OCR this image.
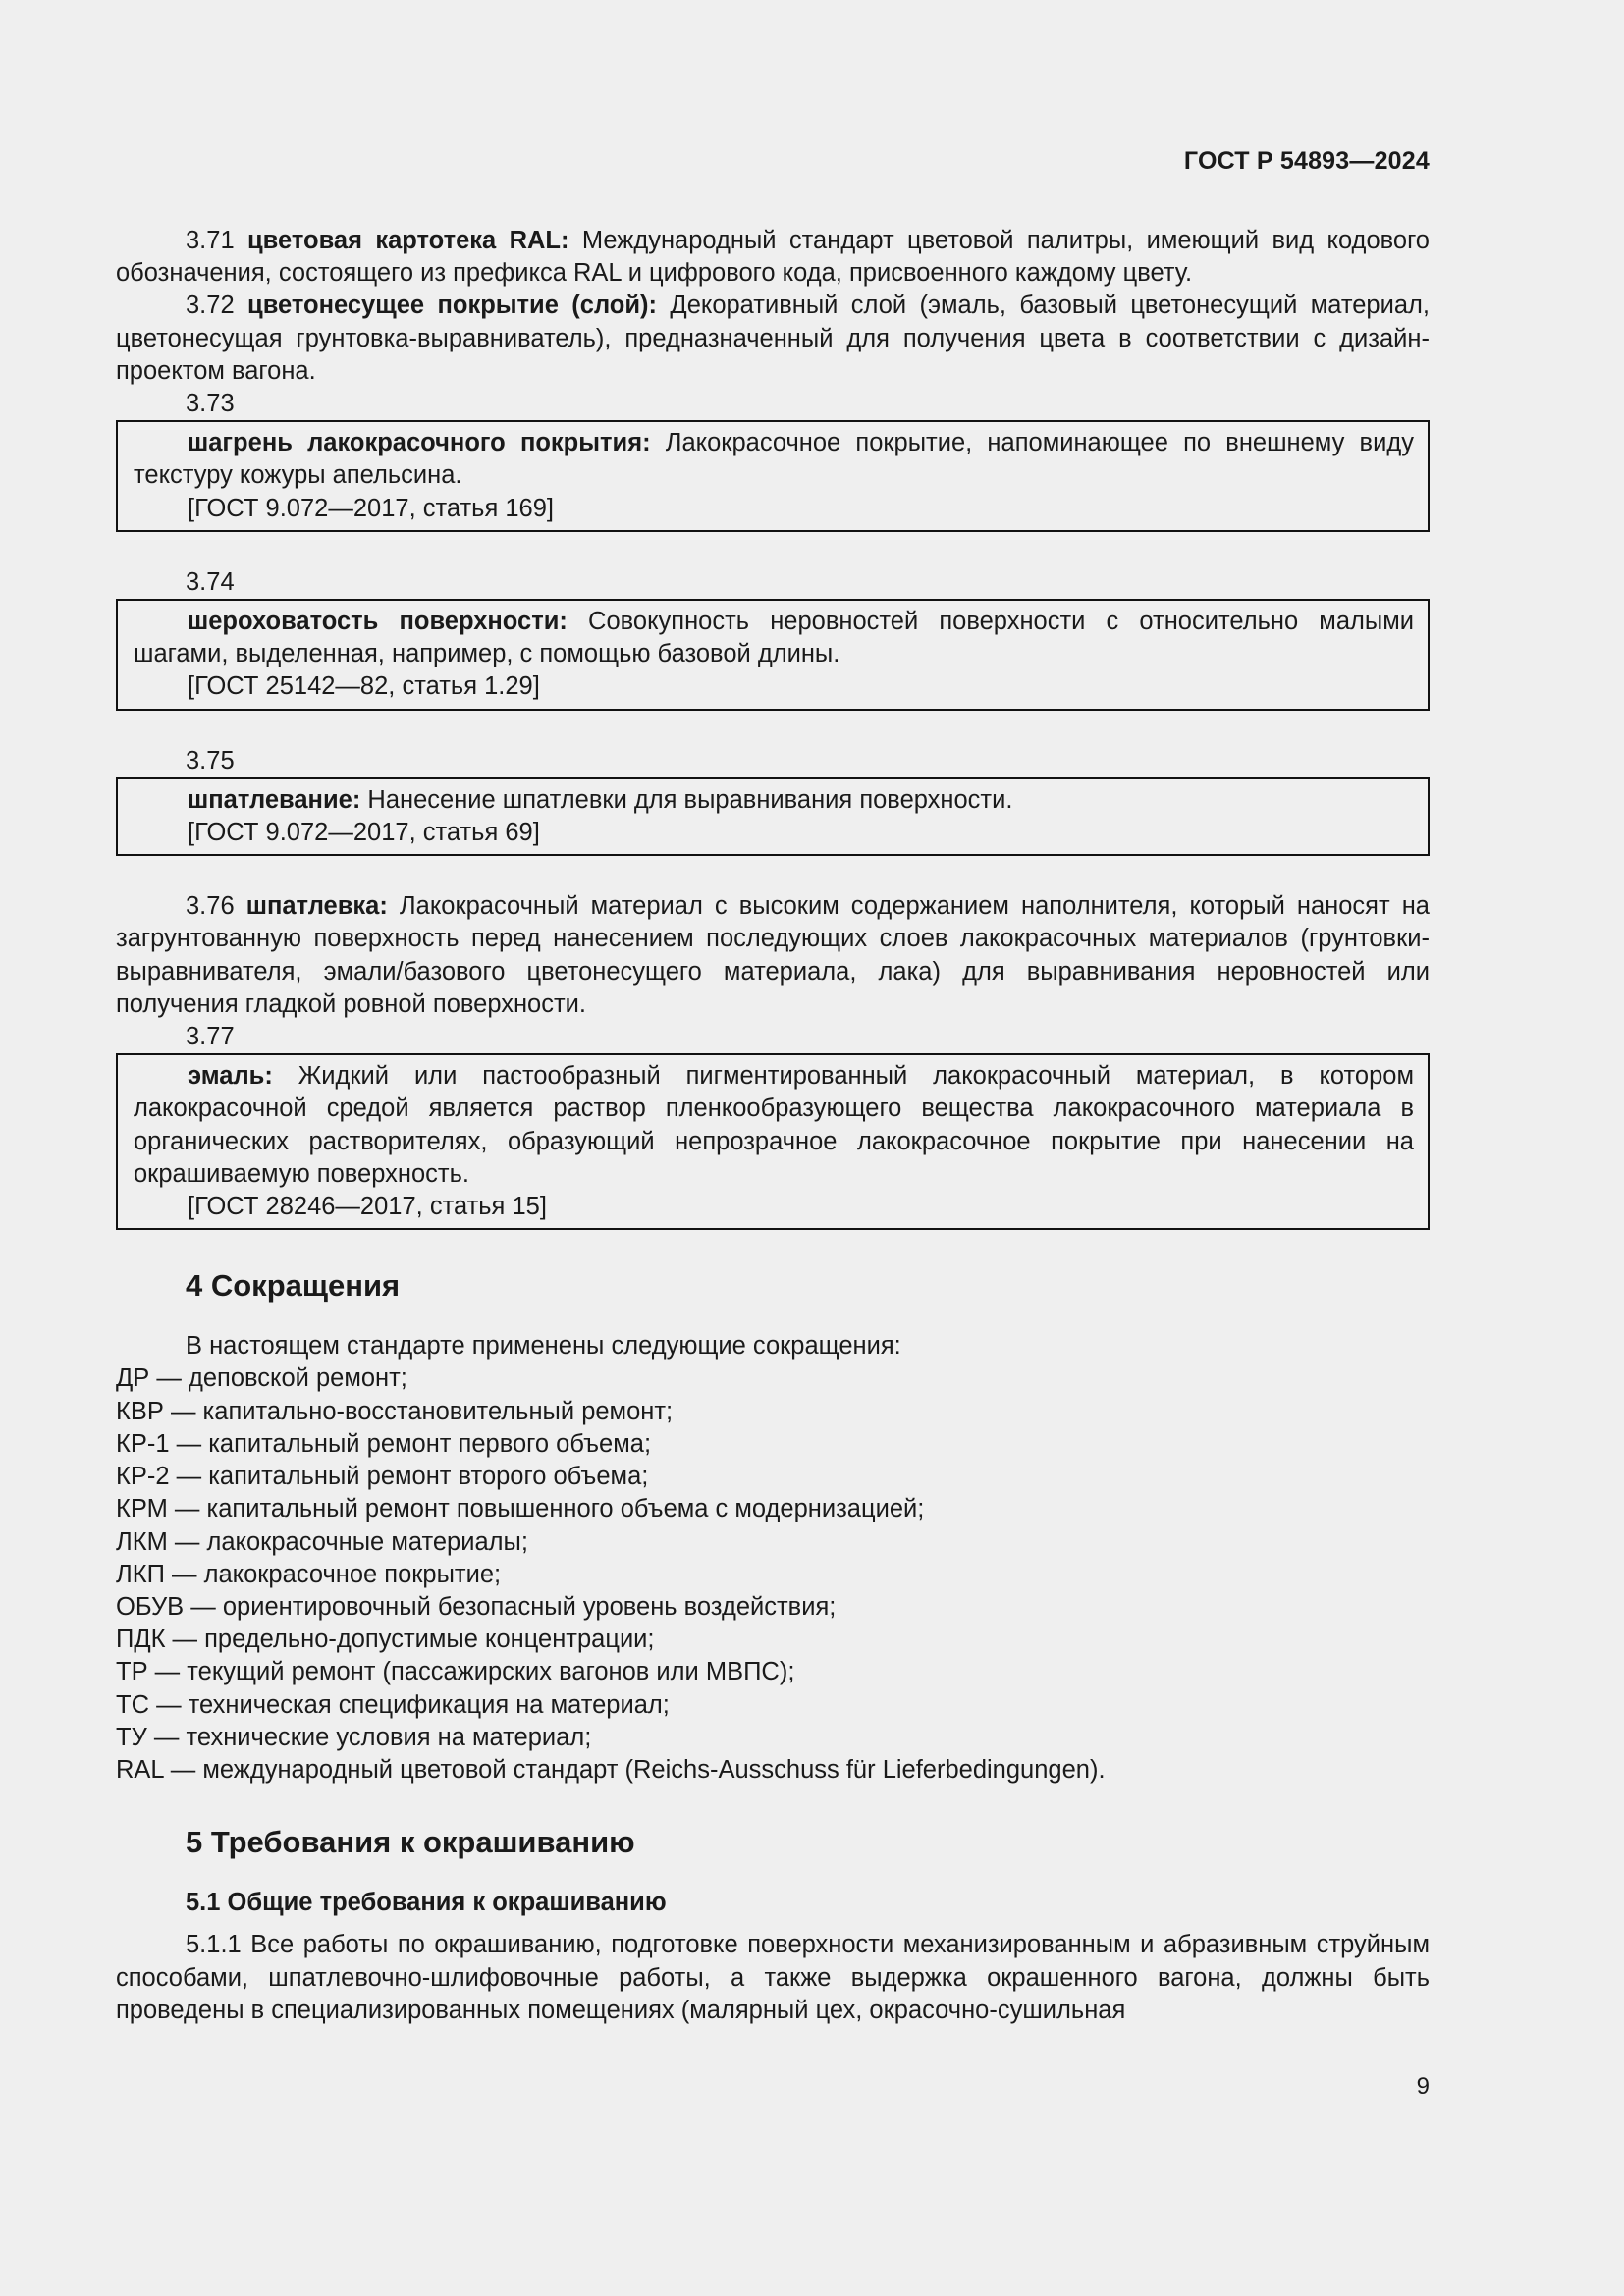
ГОСТ Р 54893—2024

3.71 цветовая картотека RAL: Международный стандарт цветовой палитры, имеющий вид кодового обозначения, состоящего из префикса RAL и цифрового кода, присвоенного каждому цвету.

3.72 цветонесущее покрытие (слой): Декоративный слой (эмаль, базовый цветонесущий материал, цветонесущая грунтовка-выравниватель), предназначенный для получения цвета в соответствии с дизайн-проектом вагона.

3.73

шагрень лакокрасочного покрытия: Лакокрасочное покрытие, напоминающее по внешнему виду текстуру кожуры апельсина.

[ГОСТ 9.072—2017, статья 169]

3.74

шероховатость поверхности: Совокупность неровностей поверхности с относительно малыми шагами, выделенная, например, с помощью базовой длины.

[ГОСТ 25142—82, статья 1.29]

3.75

шпатлевание: Нанесение шпатлевки для выравнивания поверхности.

[ГОСТ 9.072—2017, статья 69]

3.76 шпатлевка: Лакокрасочный материал с высоким содержанием наполнителя, который наносят на загрунтованную поверхность перед нанесением последующих слоев лакокрасочных материалов (грунтовки-выравнивателя, эмали/базового цветонесущего материала, лака) для выравнивания неровностей или получения гладкой ровной поверхности.

3.77

эмаль: Жидкий или пастообразный пигментированный лакокрасочный материал, в котором лакокрасочной средой является раствор пленкообразующего вещества лакокрасочного материала в органических растворителях, образующий непрозрачное лакокрасочное покрытие при нанесении на окрашиваемую поверхность.

[ГОСТ 28246—2017, статья 15]

4 Сокращения

В настоящем стандарте применены следующие сокращения:

ДР — деповской ремонт;

КВР — капитально-восстановительный ремонт;

КР-1 — капитальный ремонт первого объема;

КР-2 — капитальный ремонт второго объема;

КРМ — капитальный ремонт повышенного объема с модернизацией;

ЛКМ — лакокрасочные материалы;

ЛКП — лакокрасочное покрытие;

ОБУВ — ориентировочный безопасный уровень воздействия;

ПДК — предельно-допустимые концентрации;

ТР — текущий ремонт (пассажирских вагонов или МВПС);

ТС — техническая спецификация на материал;

ТУ — технические условия на материал;

RAL — международный цветовой стандарт (Reichs-Ausschuss für Lieferbedingungen).

5 Требования к окрашиванию
5.1 Общие требования к окрашиванию

5.1.1 Все работы по окрашиванию, подготовке поверхности механизированным и абразивным струйным способами, шпатлевочно-шлифовочные работы, а также выдержка окрашенного вагона, должны быть проведены в специализированных помещениях (малярный цех, окрасочно-сушильная

9
